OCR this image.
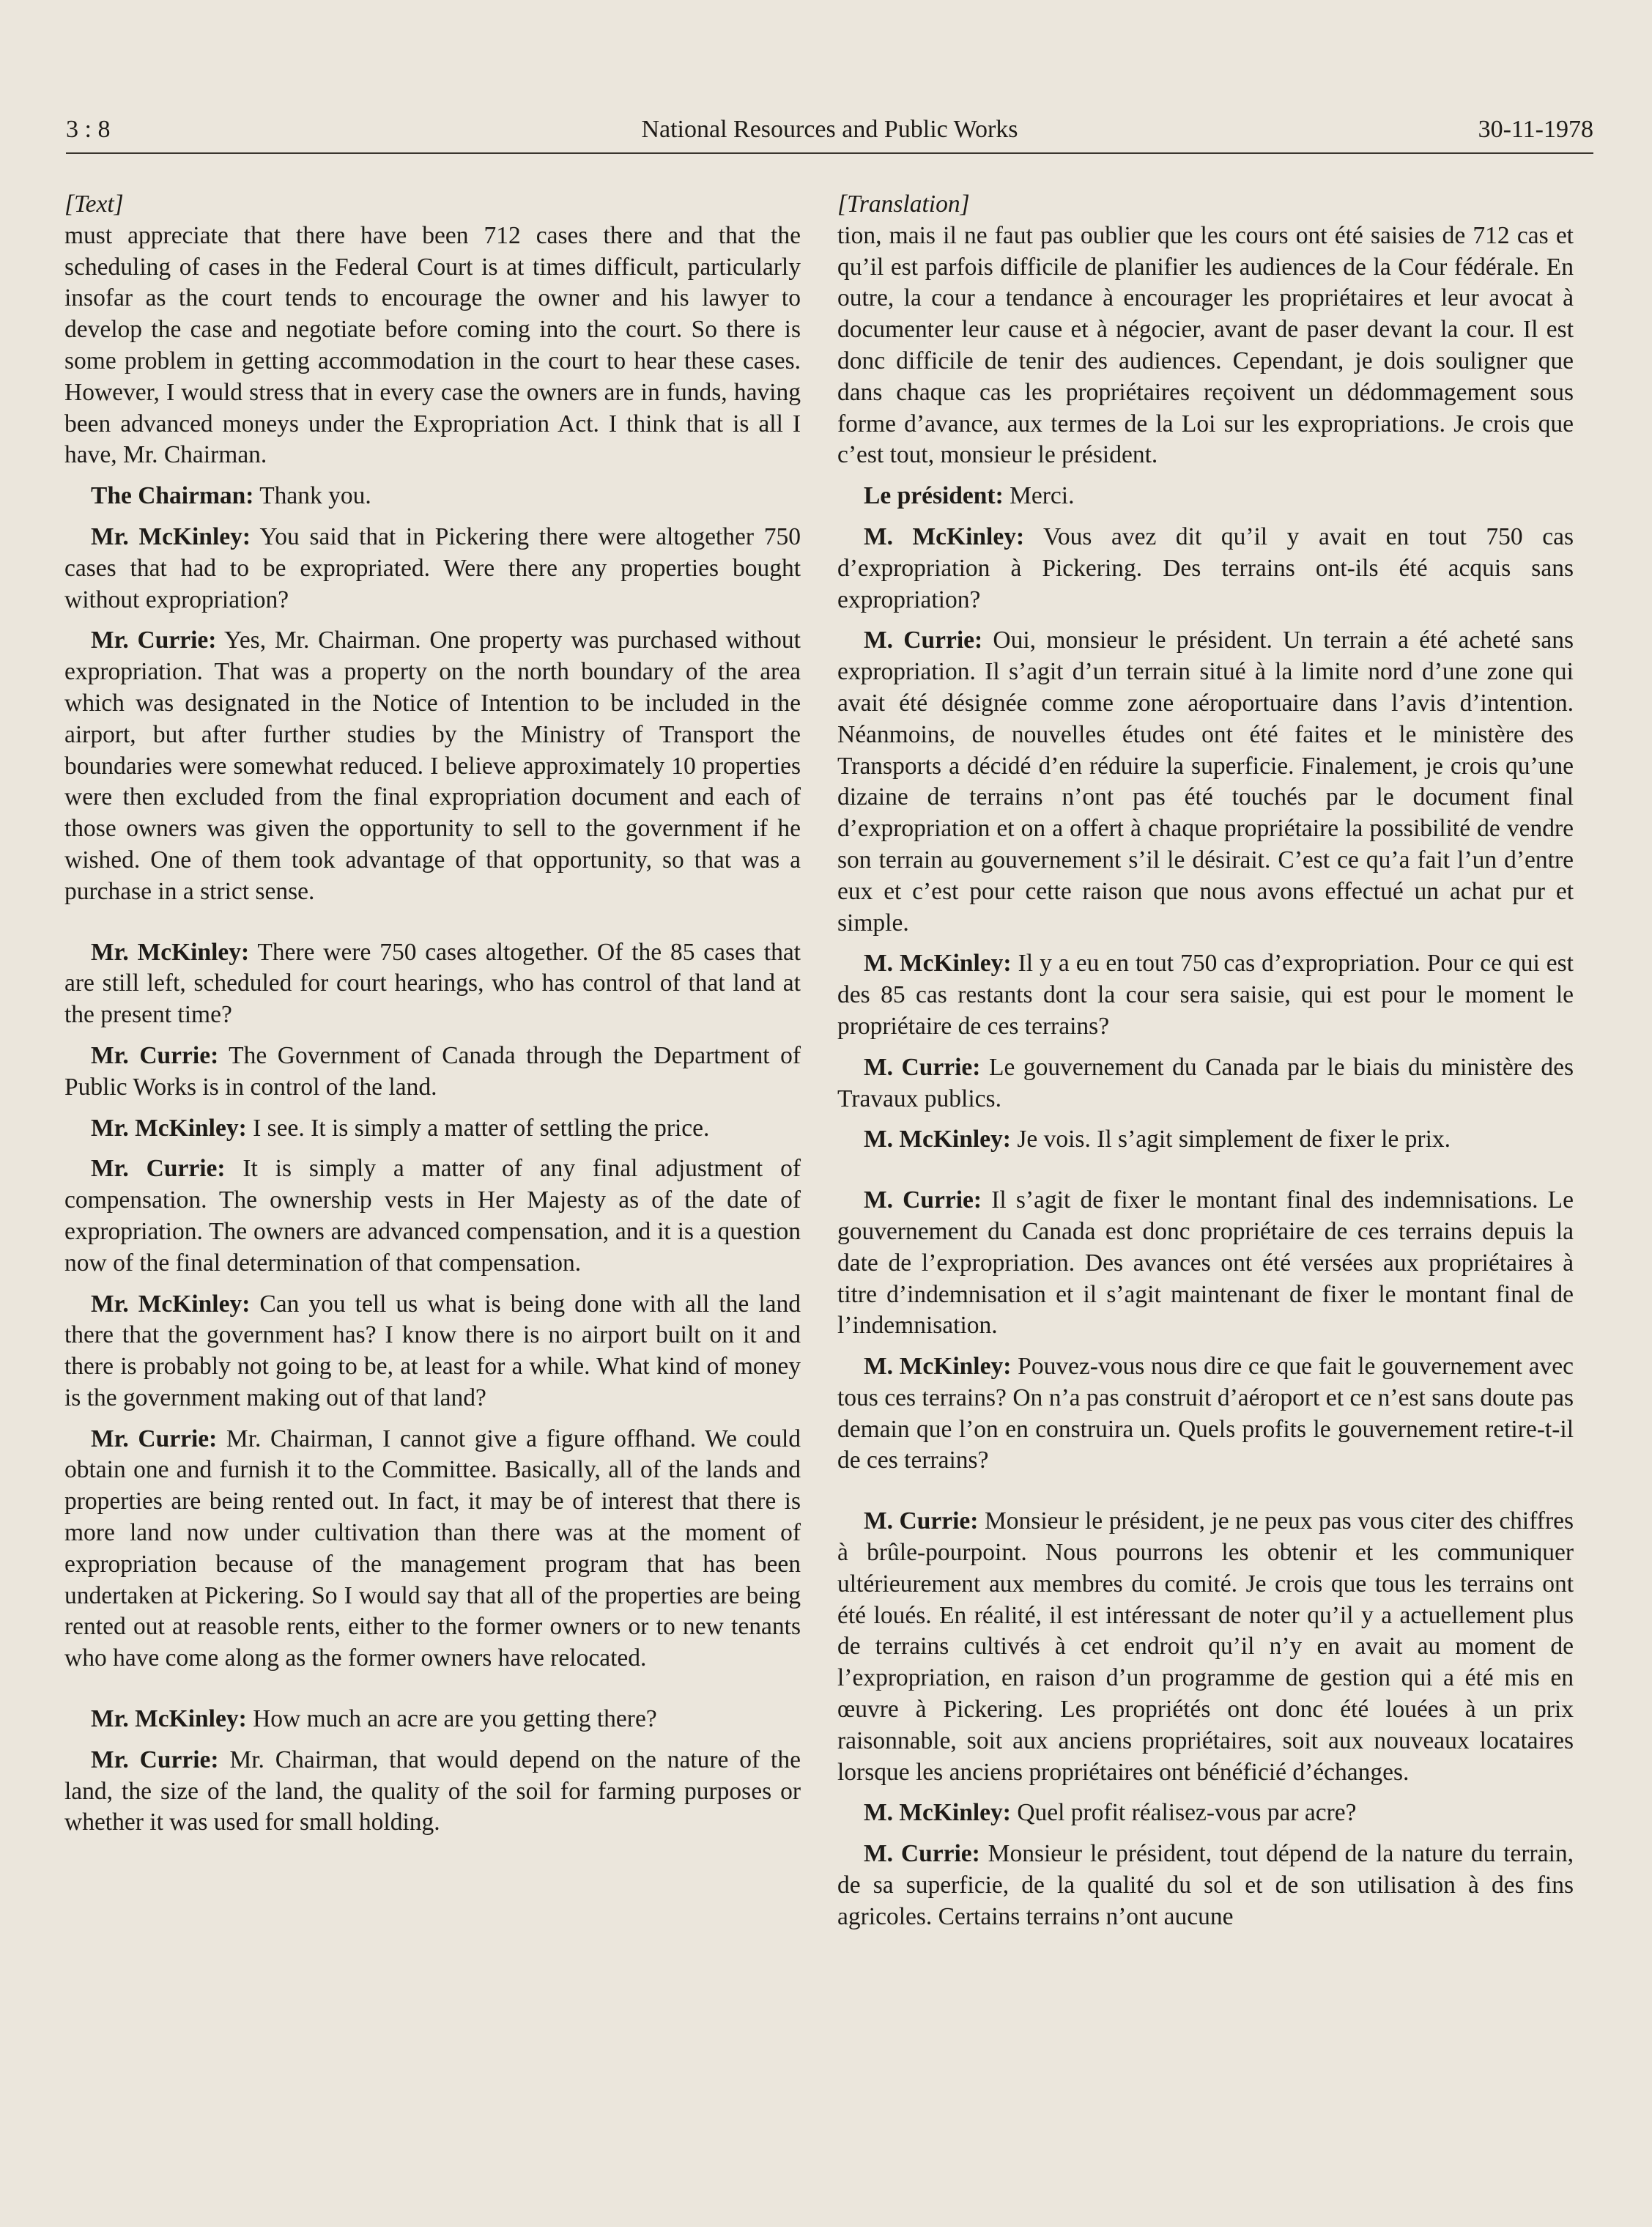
3 : 8	National Resources and Public Works	30-11-1978
[Text]

must appreciate that there have been 712 cases there and that the scheduling of cases in the Federal Court is at times difficult, particularly insofar as the court tends to encourage the owner and his lawyer to develop the case and negotiate before coming into the court. So there is some problem in getting accommodation in the court to hear these cases. However, I would stress that in every case the owners are in funds, having been advanced moneys under the Expropriation Act. I think that is all I have, Mr. Chairman.

The Chairman: Thank you.

Mr. McKinley: You said that in Pickering there were altogether 750 cases that had to be expropriated. Were there any properties bought without expropriation?

Mr. Currie: Yes, Mr. Chairman. One property was purchased without expropriation. That was a property on the north boundary of the area which was designated in the Notice of Intention to be included in the airport, but after further studies by the Ministry of Transport the boundaries were somewhat reduced. I believe approximately 10 properties were then excluded from the final expropriation document and each of those owners was given the opportunity to sell to the government if he wished. One of them took advantage of that opportunity, so that was a purchase in a strict sense.

Mr. McKinley: There were 750 cases altogether. Of the 85 cases that are still left, scheduled for court hearings, who has control of that land at the present time?

Mr. Currie: The Government of Canada through the Department of Public Works is in control of the land.

Mr. McKinley: I see. It is simply a matter of settling the price.

Mr. Currie: It is simply a matter of any final adjustment of compensation. The ownership vests in Her Majesty as of the date of expropriation. The owners are advanced compensation, and it is a question now of the final determination of that compensation.

Mr. McKinley: Can you tell us what is being done with all the land there that the government has? I know there is no airport built on it and there is probably not going to be, at least for a while. What kind of money is the government making out of that land?

Mr. Currie: Mr. Chairman, I cannot give a figure offhand. We could obtain one and furnish it to the Committee. Basically, all of the lands and properties are being rented out. In fact, it may be of interest that there is more land now under cultivation than there was at the moment of expropriation because of the management program that has been undertaken at Pickering. So I would say that all of the properties are being rented out at reasoble rents, either to the former owners or to new tenants who have come along as the former owners have relocated.

Mr. McKinley: How much an acre are you getting there?

Mr. Currie: Mr. Chairman, that would depend on the nature of the land, the size of the land, the quality of the soil for farming purposes or whether it was used for small holding.

[Translation]

tion, mais il ne faut pas oublier que les cours ont été saisies de 712 cas et qu’il est parfois difficile de planifier les audiences de la Cour fédérale. En outre, la cour a tendance à encourager les propriétaires et leur avocat à documenter leur cause et à négocier, avant de paser devant la cour. Il est donc difficile de tenir des audiences. Cependant, je dois souligner que dans chaque cas les propriétaires reçoivent un dédommagement sous forme d’avance, aux termes de la Loi sur les expropriations. Je crois que c’est tout, monsieur le président.

Le président: Merci.

M. McKinley: Vous avez dit qu’il y avait en tout 750 cas d’expropriation à Pickering. Des terrains ont-ils été acquis sans expropriation?

M. Currie: Oui, monsieur le président. Un terrain a été acheté sans expropriation. Il s’agit d’un terrain situé à la limite nord d’une zone qui avait été désignée comme zone aéroportuaire dans l’avis d’intention. Néanmoins, de nouvelles études ont été faites et le ministère des Transports a décidé d’en réduire la superficie. Finalement, je crois qu’une dizaine de terrains n’ont pas été touchés par le document final d’expropriation et on a offert à chaque propriétaire la possibilité de vendre son terrain au gouvernement s’il le désirait. C’est ce qu’a fait l’un d’entre eux et c’est pour cette raison que nous avons effectué un achat pur et simple.

M. McKinley: Il y a eu en tout 750 cas d’expropriation. Pour ce qui est des 85 cas restants dont la cour sera saisie, qui est pour le moment le propriétaire de ces terrains?

M. Currie: Le gouvernement du Canada par le biais du ministère des Travaux publics.

M. McKinley: Je vois. Il s’agit simplement de fixer le prix.

M. Currie: Il s’agit de fixer le montant final des indemnisations. Le gouvernement du Canada est donc propriétaire de ces terrains depuis la date de l’expropriation. Des avances ont été versées aux propriétaires à titre d’indemnisation et il s’agit maintenant de fixer le montant final de l’indemnisation.

M. McKinley: Pouvez-vous nous dire ce que fait le gouvernement avec tous ces terrains? On n’a pas construit d’aéroport et ce n’est sans doute pas demain que l’on en construira un. Quels profits le gouvernement retire-t-il de ces terrains?

M. Currie: Monsieur le président, je ne peux pas vous citer des chiffres à brûle-pourpoint. Nous pourrons les obtenir et les communiquer ultérieurement aux membres du comité. Je crois que tous les terrains ont été loués. En réalité, il est intéressant de noter qu’il y a actuellement plus de terrains cultivés à cet endroit qu’il n’y en avait au moment de l’expropriation, en raison d’un programme de gestion qui a été mis en œuvre à Pickering. Les propriétés ont donc été louées à un prix raisonnable, soit aux anciens propriétaires, soit aux nouveaux locataires lorsque les anciens propriétaires ont bénéficié d’échanges.

M. McKinley: Quel profit réalisez-vous par acre?

M. Currie: Monsieur le président, tout dépend de la nature du terrain, de sa superficie, de la qualité du sol et de son utilisation à des fins agricoles. Certains terrains n’ont aucune
